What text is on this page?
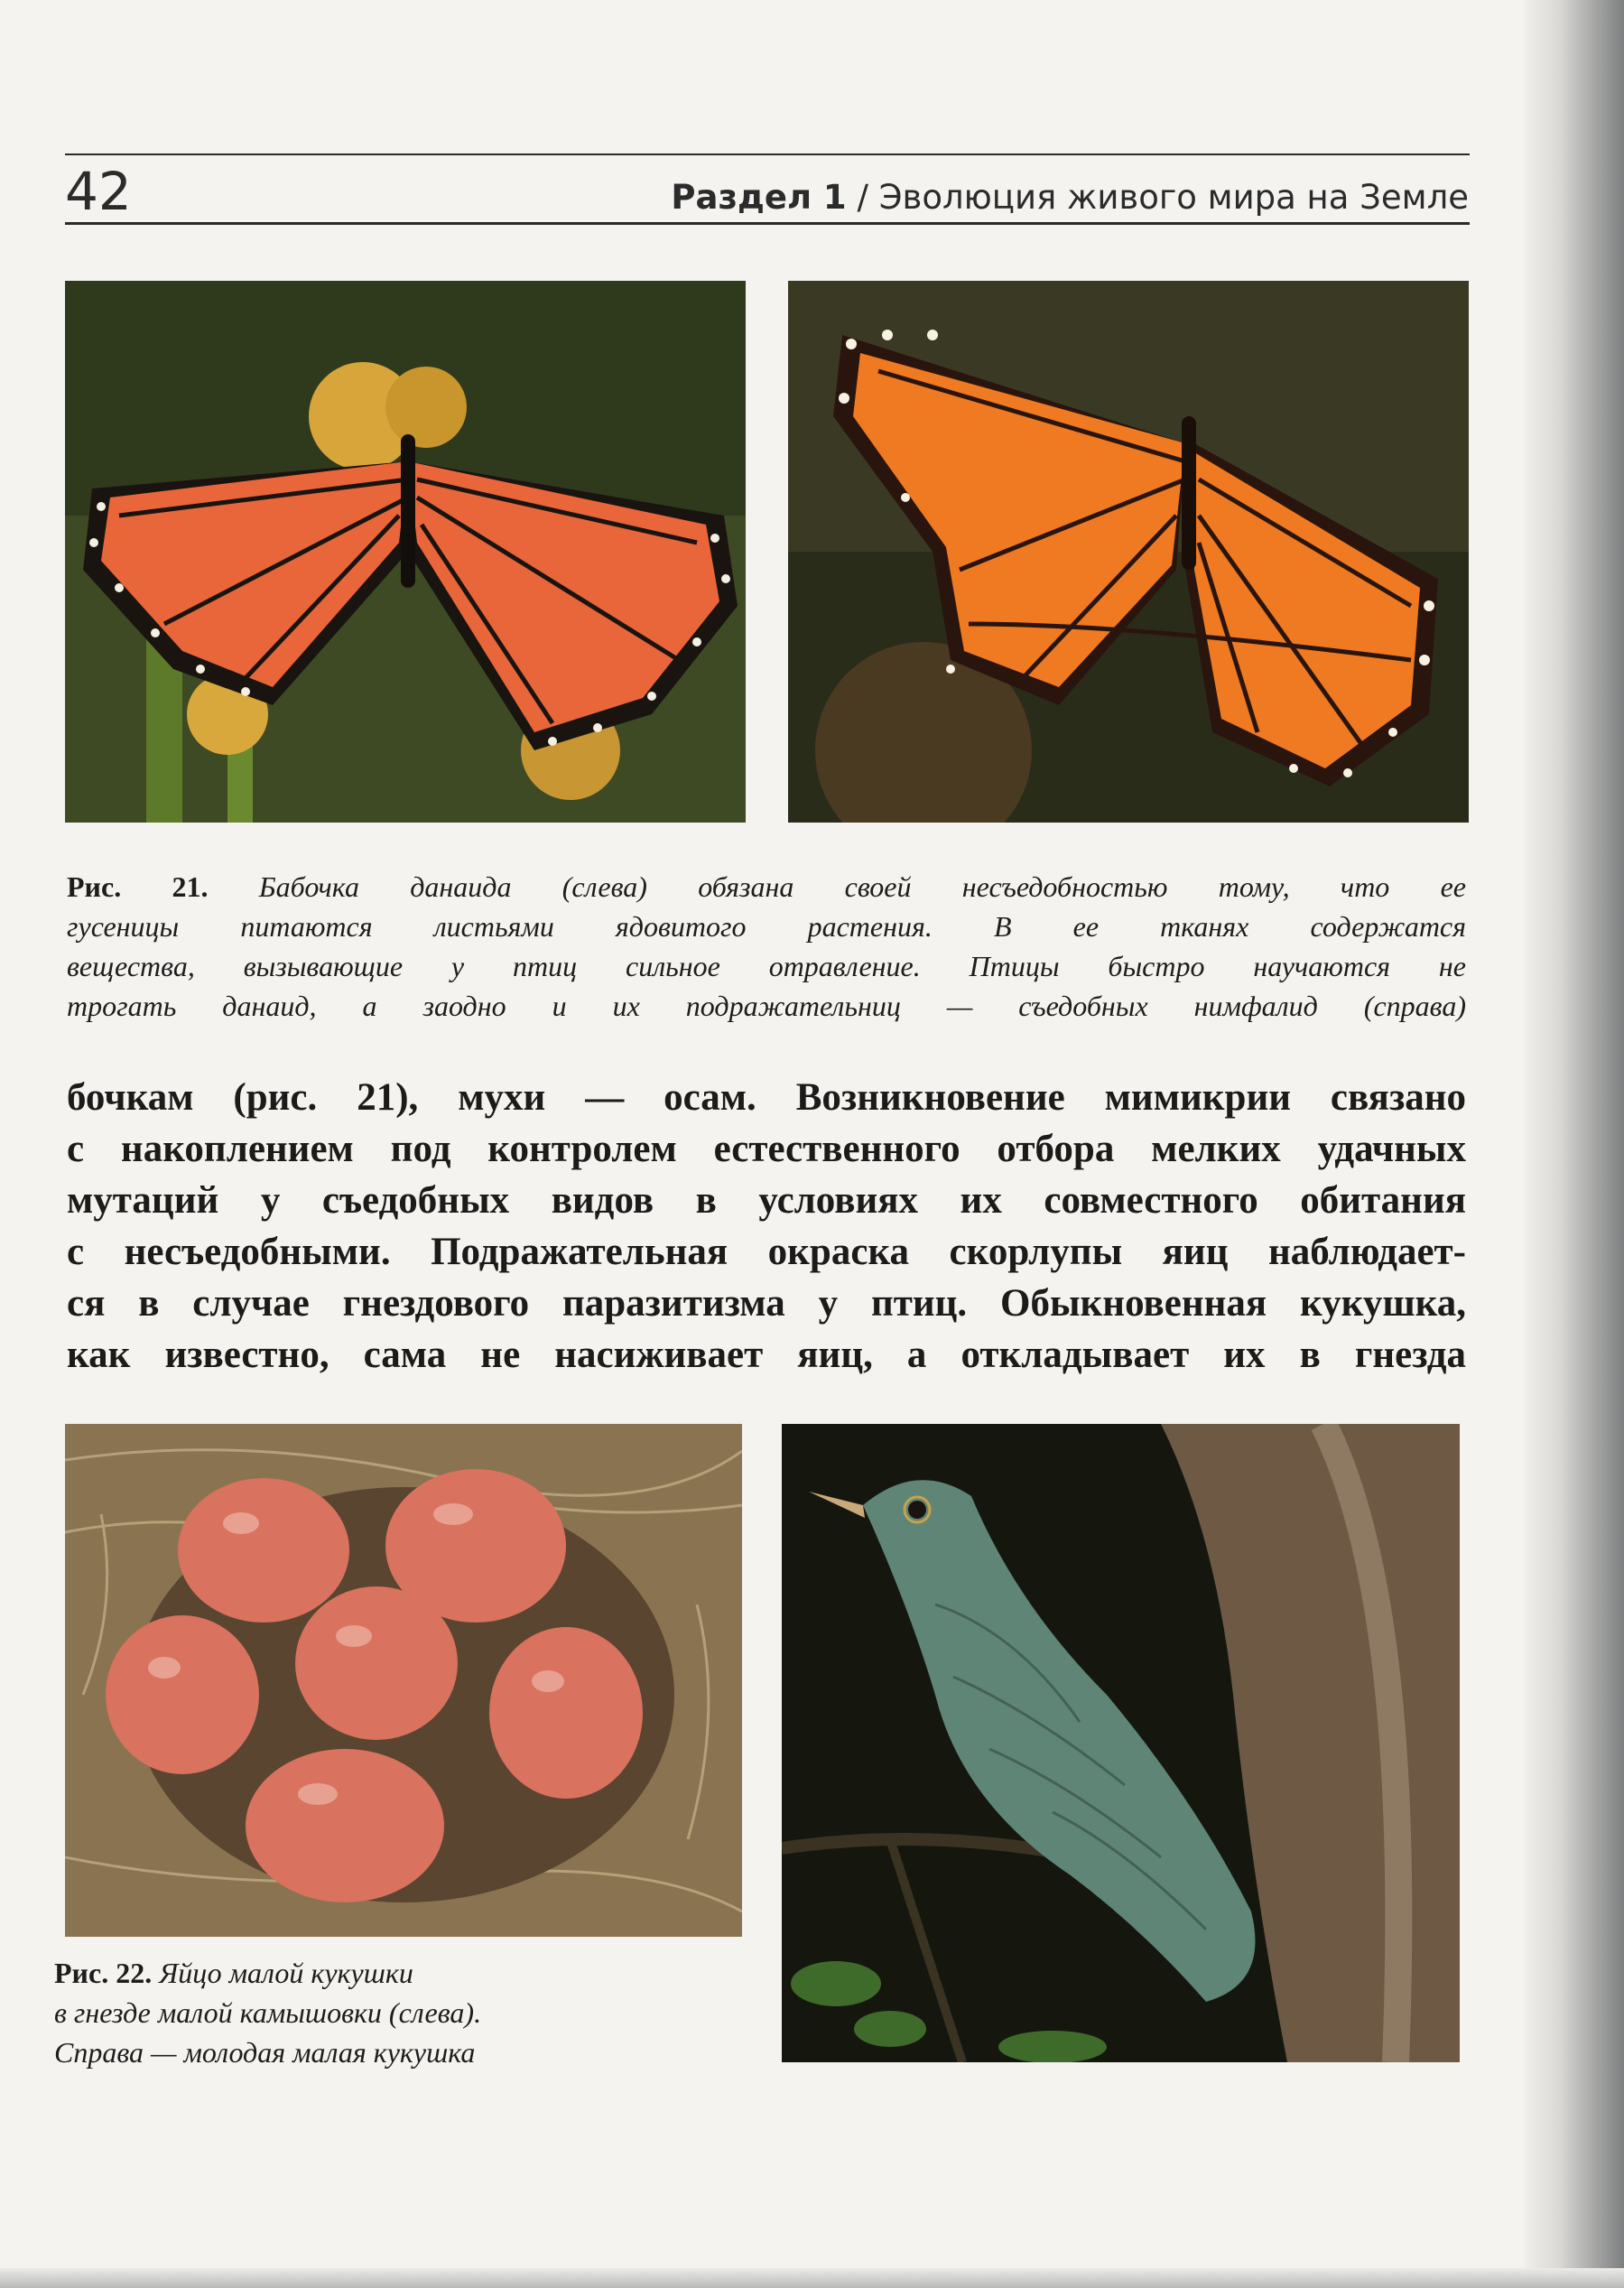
42	Раздел 1 / Эволюция живого мира на Земле
Рис. 21. Бабочка данаида (слева) обязана своей несъедобностью тому, что ее
гусеницы питаются листьями ядовитого растения. В ее тканях содержатся
вещества, вызывающие у птиц сильное отравление. Птицы быстро научаются не
трогать данаид, а заодно и их подражательниц — съедобных нимфалид (справа)
бочкам (рис. 21), мухи — осам. Возникновение мимикрии связано
с накоплением под контролем естественного отбора мелких удачных
мутаций у съедобных видов в условиях их совместного обитания
с несъедобными. Подражательная окраска скорлупы яиц наблюдает-
ся в случае гнездового паразитизма у птиц. Обыкновенная кукушка,
как известно, сама не насиживает яиц, а откладывает их в гнезда
Рис. 22. Яйцо малой кукушки
в гнезде малой камышовки (слева).
Справа — молодая малая кукушка
